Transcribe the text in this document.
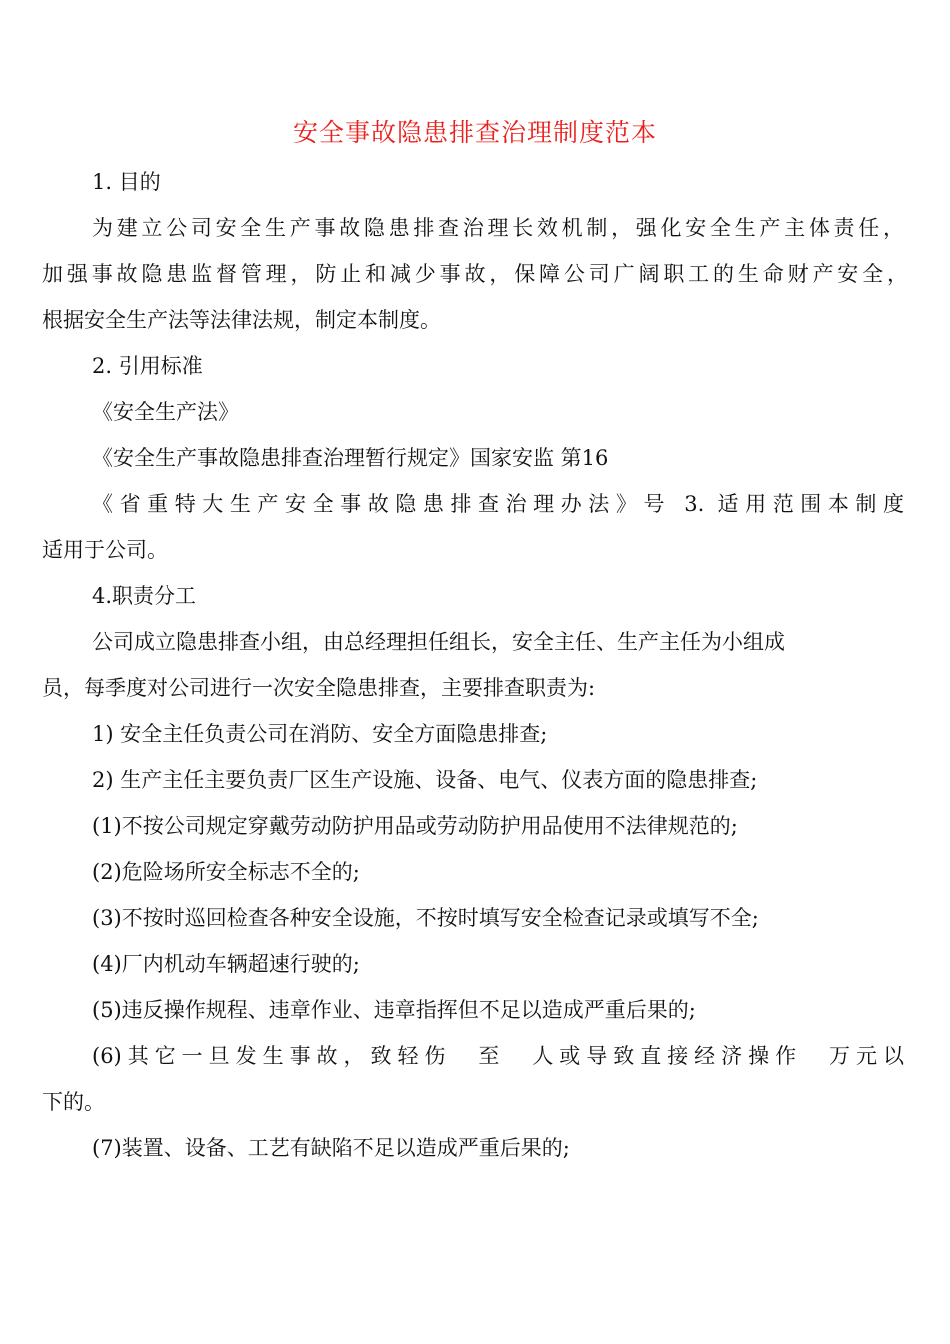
安全事故隐患排查治理制度范本

1. 目的

为建立公司安全生产事故隐患排查治理长效机制，强化安全生产主体责任，

加强事故隐患监督管理，防止和减少事故，保障公司广阔职工的生命财产安全，

根据安全生产法等法律法规，制定本制度。

2. 引用标准

《安全生产法》

《安全生产事故隐患排查治理暂行规定》国家安监 第16

《省重特大生产安全事故隐患排查治理办法》号 3. 适用范围本制度

适用于公司。

4.职责分工

公司成立隐患排查小组，由总经理担任组长，安全主任、生产主任为小组成

员，每季度对公司进行一次安全隐患排查，主要排查职责为:

1) 安全主任负责公司在消防、安全方面隐患排查;

2) 生产主任主要负责厂区生产设施、设备、电气、仪表方面的隐患排查;

(1)不按公司规定穿戴劳动防护用品或劳动防护用品使用不法律规范的;

(2)危险场所安全标志不全的;

(3)不按时巡回检查各种安全设施，不按时填写安全检查记录或填写不全;

(4)厂内机动车辆超速行驶的;

(5)违反操作规程、违章作业、违章指挥但不足以造成严重后果的;

(6)其它一旦发生事故，致轻伤　至　人或导致直接经济操作　万元以

下的。

(7)装置、设备、工艺有缺陷不足以造成严重后果的;
